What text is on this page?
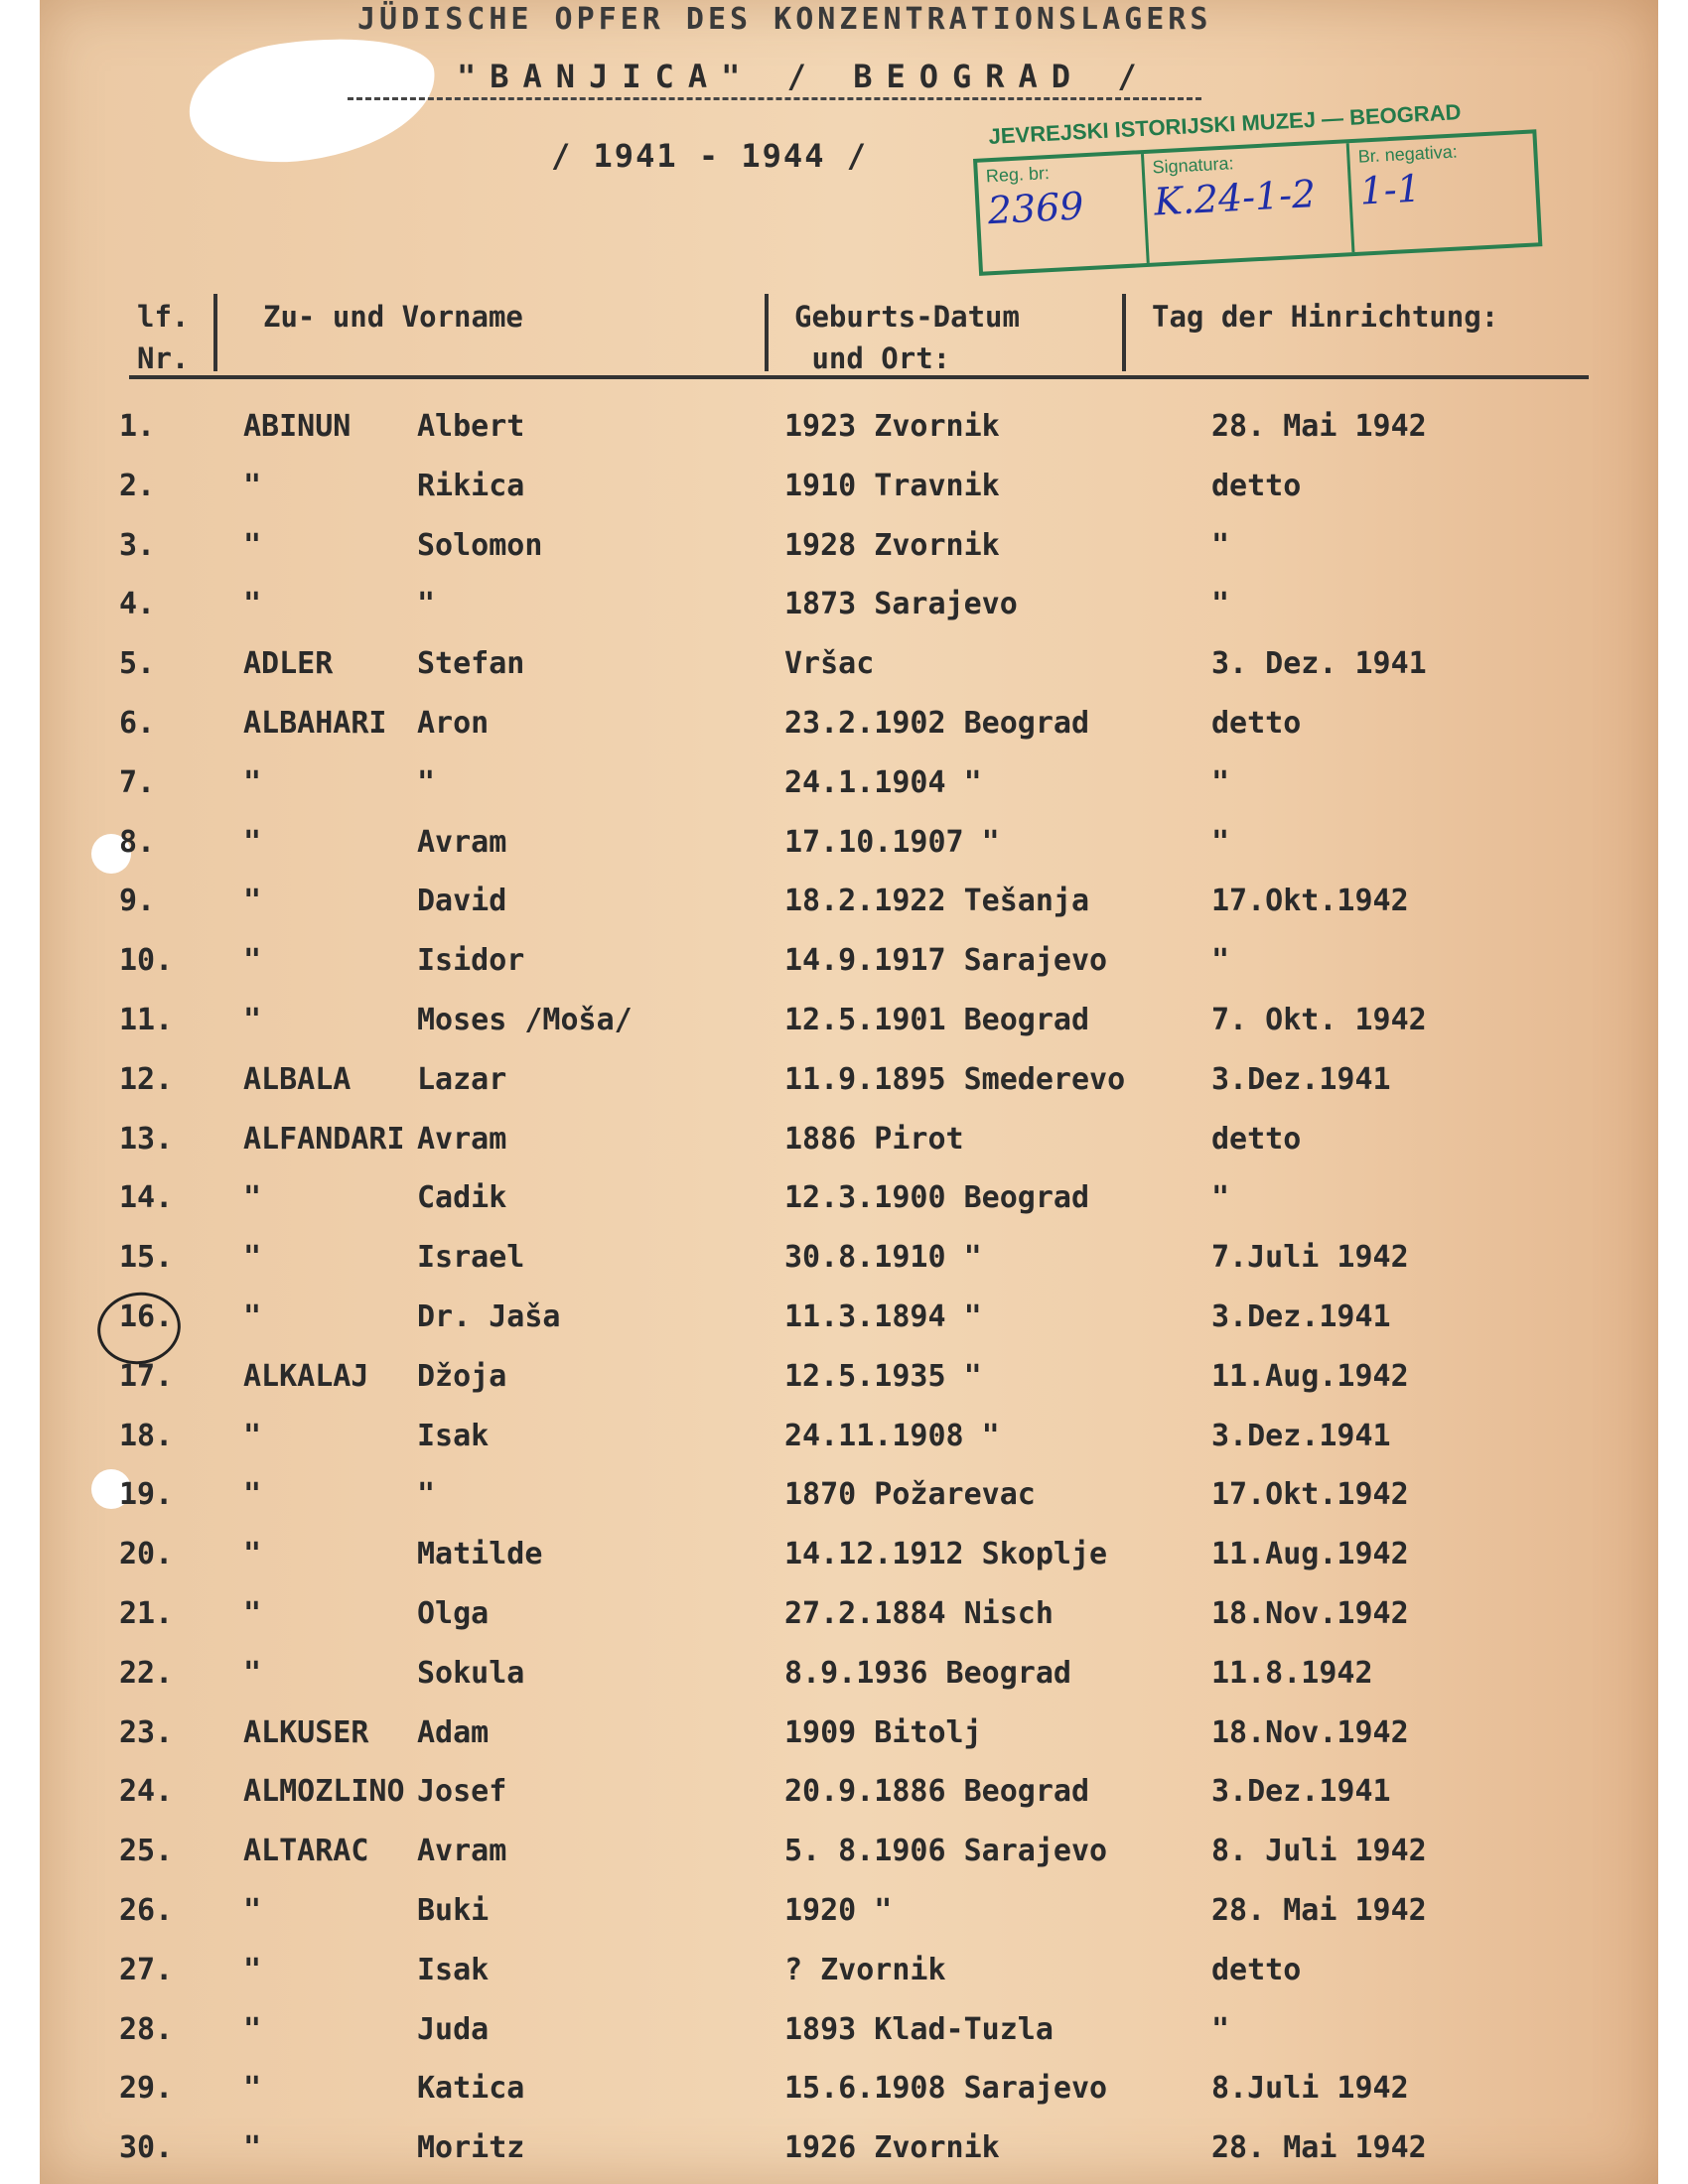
JÜDISCHE OPFER DES KONZENTRATIONSLAGERS
"BANJICA" / BEOGRAD /
/ 1941 - 1944 /
JEVREJSKI ISTORIJSKI MUZEJ — BEOGRAD
Reg. br:
2369
Signatura:
K.24-1-2
Br. negativa:
1-1
lf.
Nr.
Zu- und Vorname	Geburts-Datum
und Ort:
Tag der Hinrichtung:
1.	ABINUN Albert	1923 Zvornik	28. Mai 1942
2.	"	Rikica	1910 Travnik	detto
3.	"	Solomon	1928 Zvornik	"
4.	"	"	1873 Sarajevo	"
5.	ADLER	Stefan	Vršac	3. Dez. 1941
6.	ALBAHARI Aron	23.2.1902 Beograd	detto
7.	"	"	24.1.1904 "	"
8.	"	Avram	17.10.1907 "	"
9.	"	David	18.2.1922 Tešanja	17.Okt.1942
10. "	Isidor	14.9.1917 Sarajevo	"
11. "	Moses /Moša/	12.5.1901 Beograd	7. Okt. 1942
12. ALBALA Lazar	11.9.1895 Smederevo	3.Dez.1941
13. ALFANDARI Avram	1886 Pirot	detto
14. "	Cadik	12.3.1900 Beograd	"
15. "	Israel	30.8.1910 "	7.Juli 1942
16. "	Dr. Jaša	11.3.1894 "	3.Dez.1941
17. ALKALAJ Džoja	12.5.1935 "	11.Aug.1942
18. "	Isak	24.11.1908 "	3.Dez.1941
19. "	"	1870 Požarevac	17.Okt.1942
20. "	Matilde	14.12.1912 Skoplje	11.Aug.1942
21. "	Olga	27.2.1884 Nisch	18.Nov.1942
22. "	Sokula	8.9.1936 Beograd	11.8.1942
23. ALKUSER Adam	1909 Bitolj	18.Nov.1942
24. ALMOZLINO Josef	20.9.1886 Beograd	3.Dez.1941
25. ALTARAC Avram	5. 8.1906 Sarajevo	8. Juli 1942
26. "	Buki	1920 "	28. Mai 1942
27. "	Isak	? Zvornik	detto
28. "	Juda	1893 Klad-Tuzla	"
29. "	Katica	15.6.1908 Sarajevo	8.Juli 1942
30. "	Moritz	1926 Zvornik	28. Mai 1942
